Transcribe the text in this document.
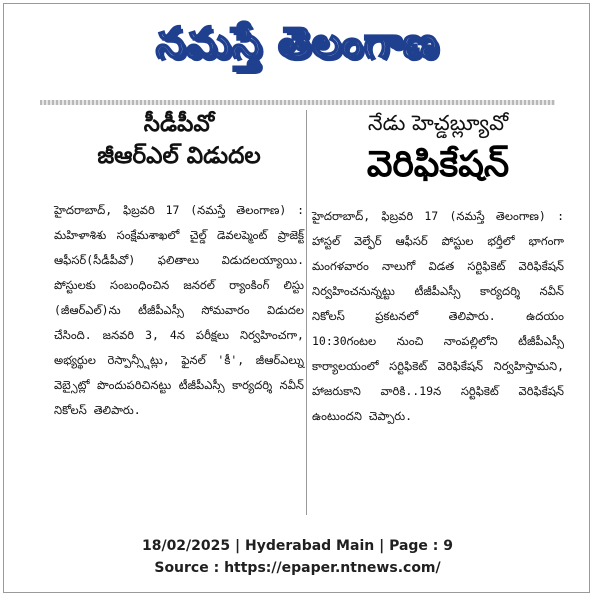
నమస్తే తెలంగాణ
సీడీపీవో
జీఆర్ఎల్ విడుదల
హైదరాబాద్, ఫిబ్రవరి 17 (నమస్తే తెలంగాణ) : మహిళాశిశు సంక్షేమశాఖలో చైల్డ్ డెవలప్మెంట్ ప్రాజెక్ట్ ఆఫీసర్(సీడీపీవో) ఫలితాలు విడుదలయ్యాయి. పోస్టులకు సంబంధించిన జనరల్ ర్యాంకింగ్ లిస్టు (జీఆర్ఎల్)ను టీజీపీఎస్సీ సోమవారం విడుదల చేసింది. జనవరి 3, 4న పరీక్షలు నిర్వహించగా, అభ్యర్థుల రెస్పాన్స్షీట్లు, ఫైనల్ 'కీ', జీఆర్ఎల్ను వెబ్సైట్లో పొందుపరిచినట్టు టీజీపీఎస్సీ కార్యదర్శి నవీన్ నికోలస్ తెలిపారు.
నేడు హెచ్డబ్ల్యూవో
వెరిఫికేషన్
హైదరాబాద్, ఫిబ్రవరి 17 (నమస్తే తెలంగాణ) : హాస్టల్ వెల్ఫేర్ ఆఫీసర్ పోస్టుల భర్తీలో భాగంగా మంగళవారం నాలుగో విడత సర్టిఫికెట్ వెరిఫికేషన్ నిర్వహించనున్నట్టు టీజీపీఎస్సీ కార్యదర్శి నవీన్ నికోలస్ ప్రకటనలో తెలిపారు. ఉదయం 10:30గంటల నుంచి నాంపల్లిలోని టీజీపీఎస్సీ కార్యాలయంలో సర్టిఫికెట్ వెరిఫికేషన్ నిర్వహిస్తామని, హాజరుకాని వారికి..19న సర్టిఫికెట్ వెరిఫికేషన్ ఉంటుందని చెప్పారు.
18/02/2025 | Hyderabad Main | Page : 9
Source : https://epaper.ntnews.com/
